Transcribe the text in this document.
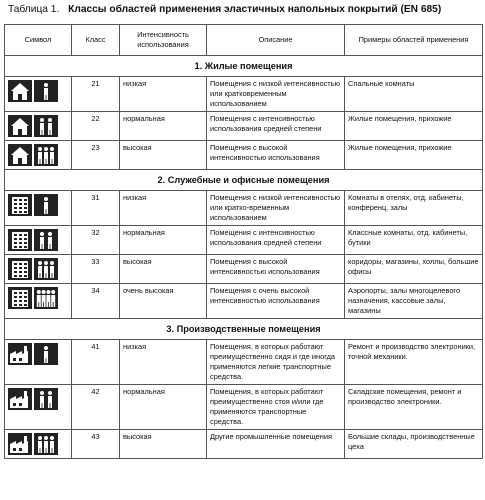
Таблица 1. Классы областей применения эластичных напольных покрытий (EN 685)
Символ	Класс	Интенсивность использования	Описание	Примеры областей применения
1. Жилые помещения				

	21	низкая	Помещения с низкой интенсивностью или кратковременным использованием	Спальные комнаты

	22	нормальная	Помещения с интенсивностью использования средней степени	Жилые помещения, прихожие

	23	высокая	Помещения с высокой интенсивностью использования	Жилые помещения, прихожие
2. Служебные и офисные помещения				

	31	низкая	Помещения с низкой интенсивностью или кратко-временным использованием	Комнаты в отелях, отд. кабинеты, конференц. залы

	32	нормальная	Помещения с интенсивностью использования средней степени	Классные комнаты, отд. кабинеты, бутики

	33	высокая	Помещения с высокой интенсивностью использования	коридоры, магазины, холлы, большие офисы

	34	очень высокая	Помещения с очень высокой интенсивностью использования	Аэропорты, залы многоцелевого назначения, кассовые залы, магазины
3. Производственные помещения				

	41	низкая	Помещения, в которых работают преимущественно сидя и где иногда применяются легкие транспортные средства.	Ремонт и производство электроники, точной механики.

	42	нормальная	Помещения, в которых работают преимущественно стоя и/или где применяются транспортные средства.	Складские помещения, ремонт и производство электроники.

	43	высокая	Другие промышленные помещения	Большие склады, производственные цеха
